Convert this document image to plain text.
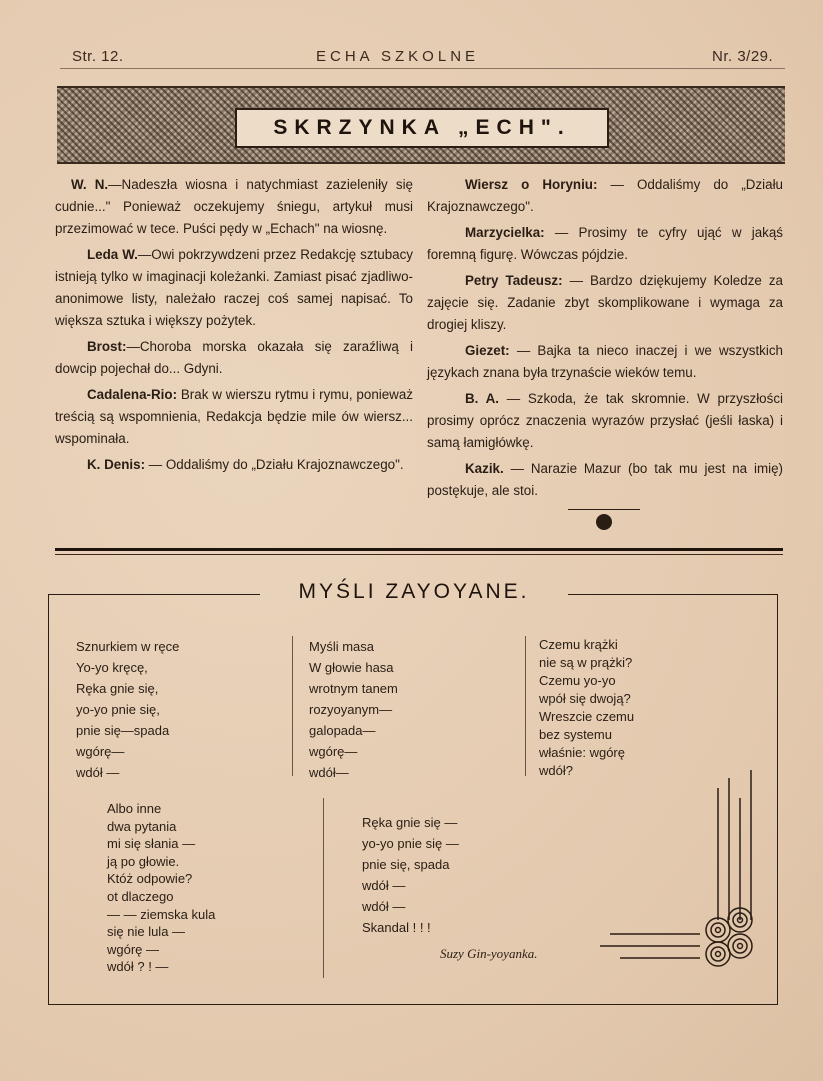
Str. 12.	ECHA SZKOLNE	Nr. 3/29.
SKRZYNKA „ECH".

W. N.—Nadeszła wiosna i natychmiast zazieleniły się cudnie..." Ponieważ oczekujemy śniegu, artykuł musi przezimować w tece. Puści pędy w „Echach" na wiosnę.

Leda W.—Owi pokrzywdzeni przez Redakcję sztubacy istnieją tylko w imaginacji koleżanki. Zamiast pisać zjadliwo-anonimowe listy, należało raczej coś samej napisać. To większa sztuka i większy pożytek.

Brost:—Choroba morska okazała się zaraźliwą i dowcip pojechał do... Gdyni.

Cadalena-Rio: Brak w wierszu rytmu i rymu, ponieważ treścią są wspomnienia, Redakcja będzie mile ów wiersz... wspominała.

K. Denis: — Oddaliśmy do „Działu Krajoznawczego".

Wiersz o Horyniu: — Oddaliśmy do „Działu Krajoznawczego".

Marzycielka: — Prosimy te cyfry ująć w jakąś foremną figurę. Wówczas pójdzie.

Petry Tadeusz: — Bardzo dziękujemy Koledze za zajęcie się. Zadanie zbyt skomplikowane i wymaga za drogiej kliszy.

Giezet: — Bajka ta nieco inaczej i we wszystkich językach znana była trzynaście wieków temu.

B. A. — Szkoda, że tak skromnie. W przyszłości prosimy oprócz znaczenia wyrazów przysłać (jeśli łaska) i samą łamigłówkę.

Kazik. — Narazie Mazur (bo tak mu jest na imię) postękuje, ale stoi.

MYŚLI ZAYOYANE.
Sznurkiem w ręce
Yo-yo kręcę,
Ręka gnie się,
yo-yo pnie się,
pnie się—spada
wgórę—
wdół —
Myśli masa
W głowie hasa
wrotnym tanem
rozyoyanym—
galopada—
wgórę—
wdół—
Czemu krążki
nie są w prążki?
Czemu yo-yo
wpół się dwoją?
Wreszcie czemu
bez systemu
właśnie: wgórę
wdół?
Albo inne
dwa pytania
mi się słania —
ją po głowie.
Któż odpowie?
ot dlaczego
— — ziemska kula
się nie lula —
wgórę —
wdół ? ! —
Ręka gnie się —
yo-yo pnie się —
pnie się, spada
wdół —
wdół —
Skandal ! ! !
Suzy Gin-yoyanka.
